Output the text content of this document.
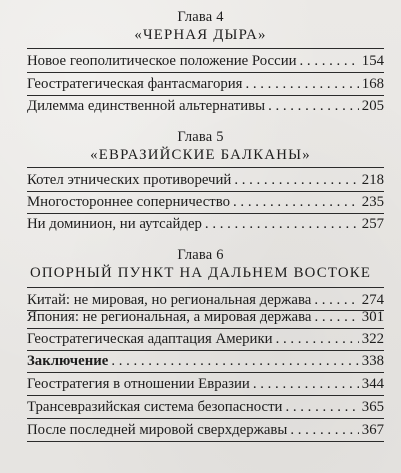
Глава 4
«ЧЕРНАЯ ДЫРА»
Новое геополитическое положение России . . .	154
Геостратегическая фантасмагория . . .	168
Дилемма единственной альтернативы . . .	205
Глава 5
«ЕВРАЗИЙСКИЕ БАЛКАНЫ»
Котел этнических противоречий . . .	218
Многостороннее соперничество . . .	235
Ни доминион, ни аутсайдер . . .	257
Глава 6
ОПОРНЫЙ ПУНКТ НА ДАЛЬНЕМ ВОСТОКЕ
Китай: не мировая, но региональная держава . . .	274
Япония: не региональная, а мировая держава . . .	301
Геостратегическая адаптация Америки . . .	322
Заключение . . .	338
Геостратегия в отношении Евразии . . .	344
Трансевразийская система безопасности . . .	365
После последней мировой сверхдержавы . . .	367
